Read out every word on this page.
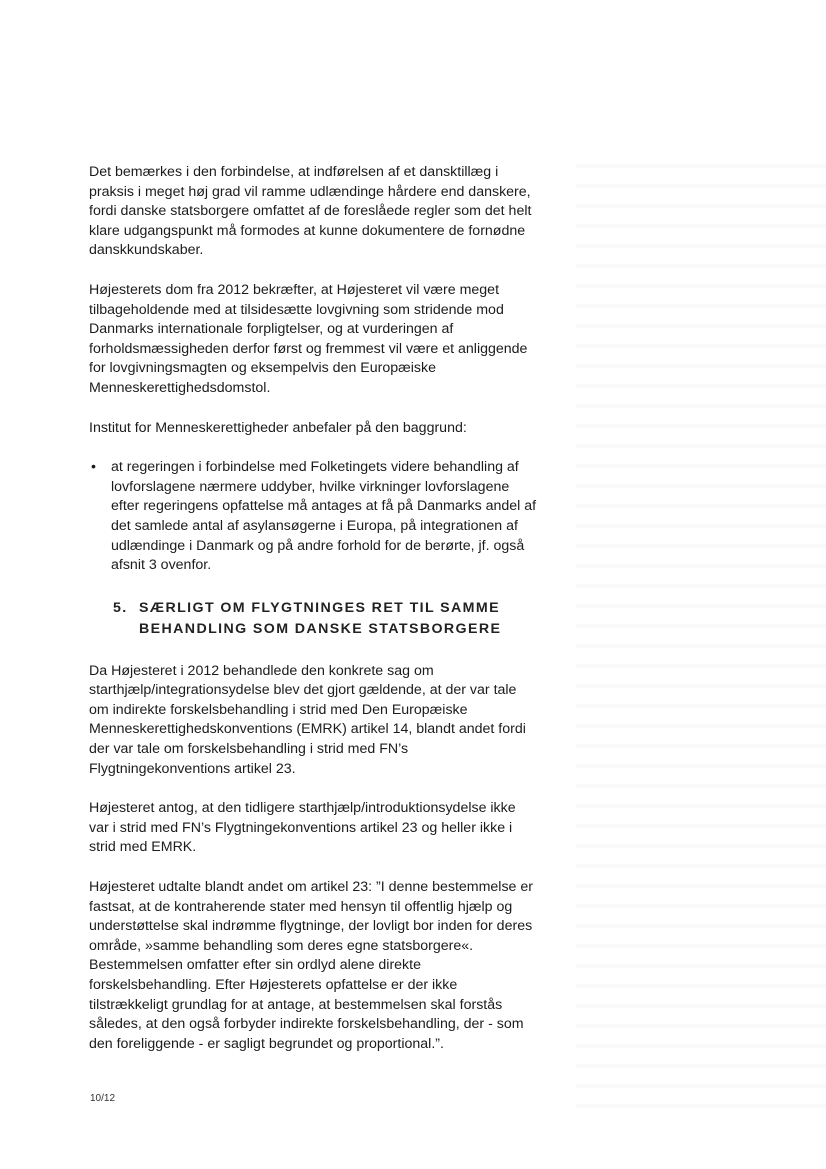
Det bemærkes i den forbindelse, at indførelsen af et dansktillæg i
praksis i meget høj grad vil ramme udlændinge hårdere end danskere,
fordi danske statsborgere omfattet af de foreslåede regler som det helt
klare udgangspunkt må formodes at kunne dokumentere de fornødne
danskkundskaber.

Højesterets dom fra 2012 bekræfter, at Højesteret vil være meget
tilbageholdende med at tilsidesætte lovgivning som stridende mod
Danmarks internationale forpligtelser, og at vurderingen af
forholdsmæssigheden derfor først og fremmest vil være et anliggende
for lovgivningsmagten og eksempelvis den Europæiske
Menneskerettighedsdomstol.

Institut for Menneskerettigheder anbefaler på den baggrund:

• at regeringen i forbindelse med Folketingets videre behandling af
lovforslagene nærmere uddyber, hvilke virkninger lovforslagene
efter regeringens opfattelse må antages at få på Danmarks andel af
det samlede antal af asylansøgerne i Europa, på integrationen af
udlændinge i Danmark og på andre forhold for de berørte, jf. også
afsnit 3 ovenfor.
5. SÆRLIGT OM FLYGTNINGES RET TIL SAMME
BEHANDLING SOM DANSKE STATSBORGERE

Da Højesteret i 2012 behandlede den konkrete sag om
starthjælp/integrationsydelse blev det gjort gældende, at der var tale
om indirekte forskelsbehandling i strid med Den Europæiske
Menneskerettighedskonventions (EMRK) artikel 14, blandt andet fordi
der var tale om forskelsbehandling i strid med FN’s
Flygtningekonventions artikel 23.

Højesteret antog, at den tidligere starthjælp/introduktionsydelse ikke
var i strid med FN’s Flygtningekonventions artikel 23 og heller ikke i
strid med EMRK.

Højesteret udtalte blandt andet om artikel 23: ”I denne bestemmelse er
fastsat, at de kontraherende stater med hensyn til offentlig hjælp og
understøttelse skal indrømme flygtninge, der lovligt bor inden for deres
område, »samme behandling som deres egne statsborgere«.
Bestemmelsen omfatter efter sin ordlyd alene direkte
forskelsbehandling. Efter Højesterets opfattelse er der ikke
tilstrækkeligt grundlag for at antage, at bestemmelsen skal forstås
således, at den også forbyder indirekte forskelsbehandling, der - som
den foreliggende - er sagligt begrundet og proportional.”.

10/12
